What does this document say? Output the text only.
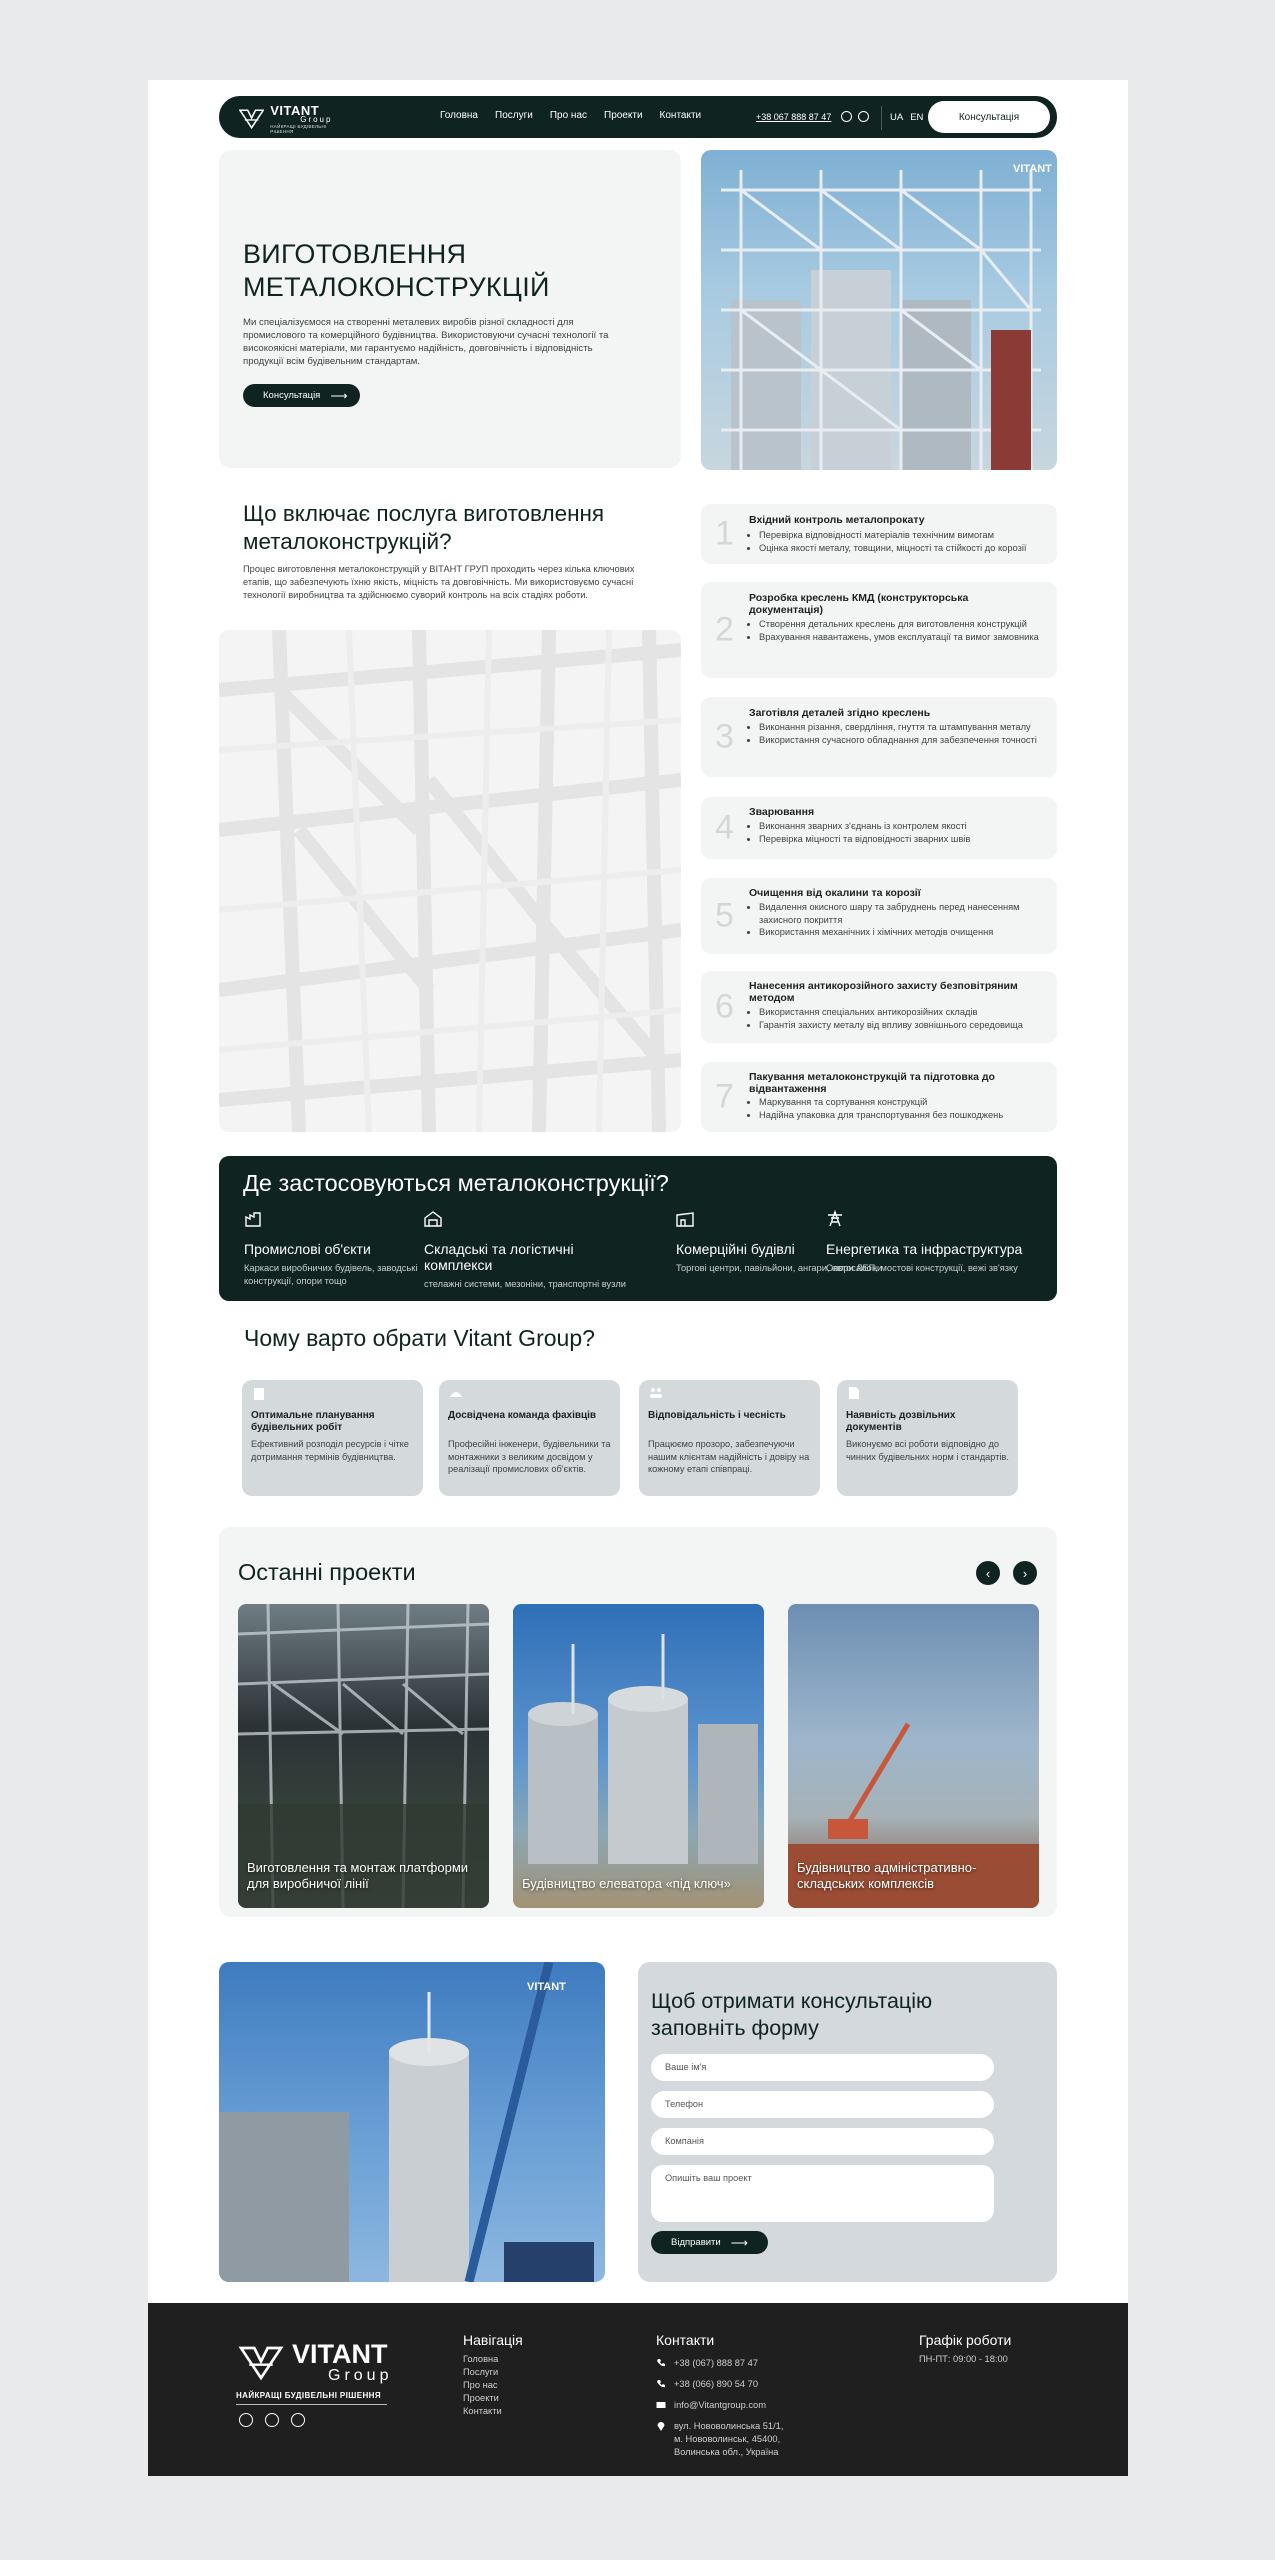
VITANT
Group
НАЙКРАЩІ БУДІВЕЛЬНІ РІШЕННЯ
Головна Послуги Про нас Проекти Контакти	+38 067 888 87 47	UA EN	Консультація
ВИГОТОВЛЕННЯ
МЕТАЛОКОНСТРУКЦІЙ
Ми спеціалізуємося на створенні металевих виробів різної складності для промислового та комерційного будівництва. Використовуючи сучасні технології та високоякісні матеріали, ми гарантуємо надійність, довговічність і відповідність продукції всім будівельним стандартам.
Консультація ⟶
VITANT
Що включає послуга виготовлення металоконструкцій?
Процес виготовлення металоконструкцій у ВІТАНТ ГРУП проходить через кілька ключових етапів, що забезпечують їхню якість, міцність та довговічність. Ми використовуємо сучасні технології виробництва та здійснюємо суворий контроль на всіх стадіях роботи.
1 Вхідний контроль металопрокату
• Перевірка відповідності матеріалів технічним вимогам
• Оцінка якості металу, товщини, міцності та стійкості до корозії
2
Розробка креслень КМД (конструкторська документація)
• Створення детальних креслень для виготовлення конструкцій
• Врахування навантажень, умов експлуатації та вимог замовника
3
Заготівля деталей згідно креслень
• Виконання різання, свердління, гнуття та штампування металу
• Використання сучасного обладнання для забезпечення точності
4 Зварювання
• Виконання зварних з'єднань із контролем якості
• Перевірка міцності та відповідності зварних швів
5
Очищення від окалини та корозії
• Видалення окисного шару та забруднень перед нанесенням захисного покриття
• Використання механічних і хімічних методів очищення
6
Нанесення антикорозійного захисту безповітряним методом
• Використання спеціальних антикорозійних складів
• Гарантія захисту металу від впливу зовнішнього середовища
7
Пакування металоконструкцій та підготовка до відвантаження
• Маркування та сортування конструкцій
• Надійна упаковка для транспортування без пошкоджень
Де застосовуються металоконструкції?
Промислові об'єкти
Каркаси виробничих будівель, заводські конструкції, опори тощо
Складські та логістичні комплекси
стелажні системи, мезоніни, транспортні вузли
Комерційні будівлі
Торгові центри, павільйони, ангари, автосалони
Енергетика та інфраструктура
Опори ЛЕП, мостові конструкції, вежі зв'язку
Чому варто обрати Vitant Group?
Оптимальне планування будівельних робіт
Ефективний розподіл ресурсів і чітке дотримання термінів будівництва.
Досвідчена команда фахівців
Професійні інженери, будівельники та монтажники з великим досвідом у реалізації промислових об'єктів.
Відповідальність і чесність
Працюємо прозоро, забезпечуючи нашим клієнтам надійність і довіру на кожному етапі співпраці.
Наявність дозвільних документів
Виконуємо всі роботи відповідно до чинних будівельних норм і стандартів.
Останні проекти	‹	›
Виготовлення та монтаж платформи для виробничої лінії	Будівництво елеватора «під ключ»
Будівництво адміністративно-складських комплексів
VITANT
Щоб отримати консультацію заповніть форму
Ваше ім'я
Телефон
Компанія
Опишіть ваш проект
Відправити ⟶
VITANT
Group
НАЙКРАЩІ БУДІВЕЛЬНІ РІШЕННЯ
Навігація
Головна
Послуги
Про нас
Проекти
Контакти
Контакти
+38 (067) 888 87 47
+38 (066) 890 54 70
info@Vitantgroup.com
вул. Нововолинська 51/1,
м. Нововолинськ, 45400,
Волинська обл., Україна
Графік роботи
ПН-ПТ: 09:00 - 18:00
